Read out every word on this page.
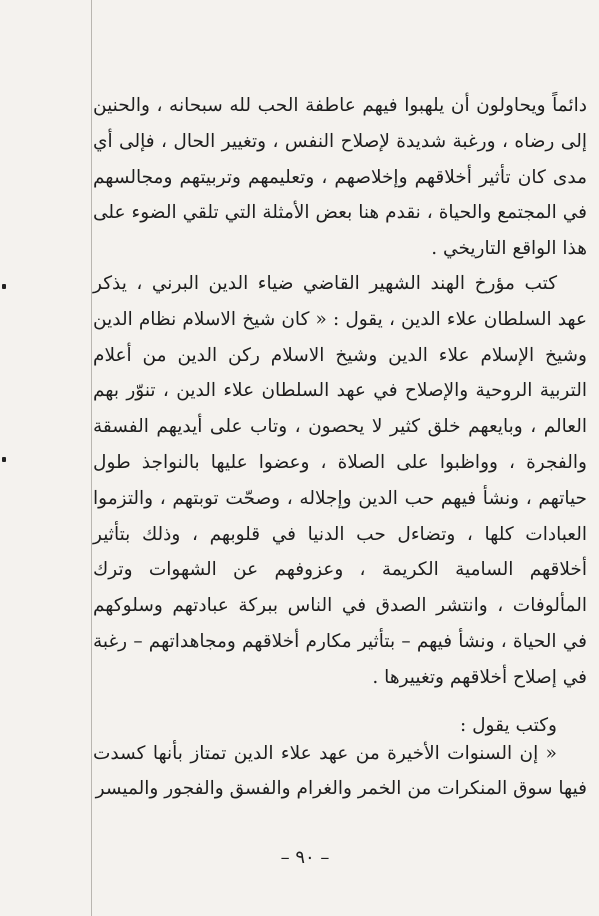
دائماً ويحاولون أن يلهبوا فيهم عاطفة الحب لله سبحانه ، والحنين إلى رضاه ، ورغبة شديدة لإصلاح النفس ، وتغيير الحال ، فإلى أي مدى كان تأثير أخلاقهم وإخلاصهم ، وتعليمهم وتربيتهم ومجالسهم في المجتمع والحياة ، نقدم هنا بعض الأمثلة التي تلقي الضوء على هذا الواقع التاريخي .

كتب مؤرخ الهند الشهير القاضي ضياء الدين البرني ، يذكر عهد السلطان علاء الدين ، يقول : « كان شيخ الاسلام نظام الدين وشيخ الإسلام علاء الدين وشيخ الاسلام ركن الدين من أعلام التربية الروحية والإصلاح في عهد السلطان علاء الدين ، تنوّر بهم العالم ، وبايعهم خلق كثير لا يحصون ، وتاب على أيديهم الفسقة والفجرة ، وواظبوا على الصلاة ، وعضوا عليها بالنواجذ طول حياتهم ، ونشأ فيهم حب الدين وإجلاله ، وصحّت توبتهم ، والتزموا العبادات كلها ، وتضاءل حب الدنيا في قلوبهم ، وذلك بتأثير أخلاقهم السامية الكريمة ، وعزوفهم عن الشهوات وترك المألوفات ، وانتشر الصدق في الناس ببركة عبادتهم وسلوكهم في الحياة ، ونشأ فيهم – بتأثير مكارم أخلاقهم ومجاهداتهم – رغبة في إصلاح أخلاقهم وتغييرها .

وكتب يقول :

« إن السنوات الأخيرة من عهد علاء الدين تمتاز بأنها كسدت فيها سوق المنكرات من الخمر والغرام والفسق والفجور والميسر

– ٩٠ –
